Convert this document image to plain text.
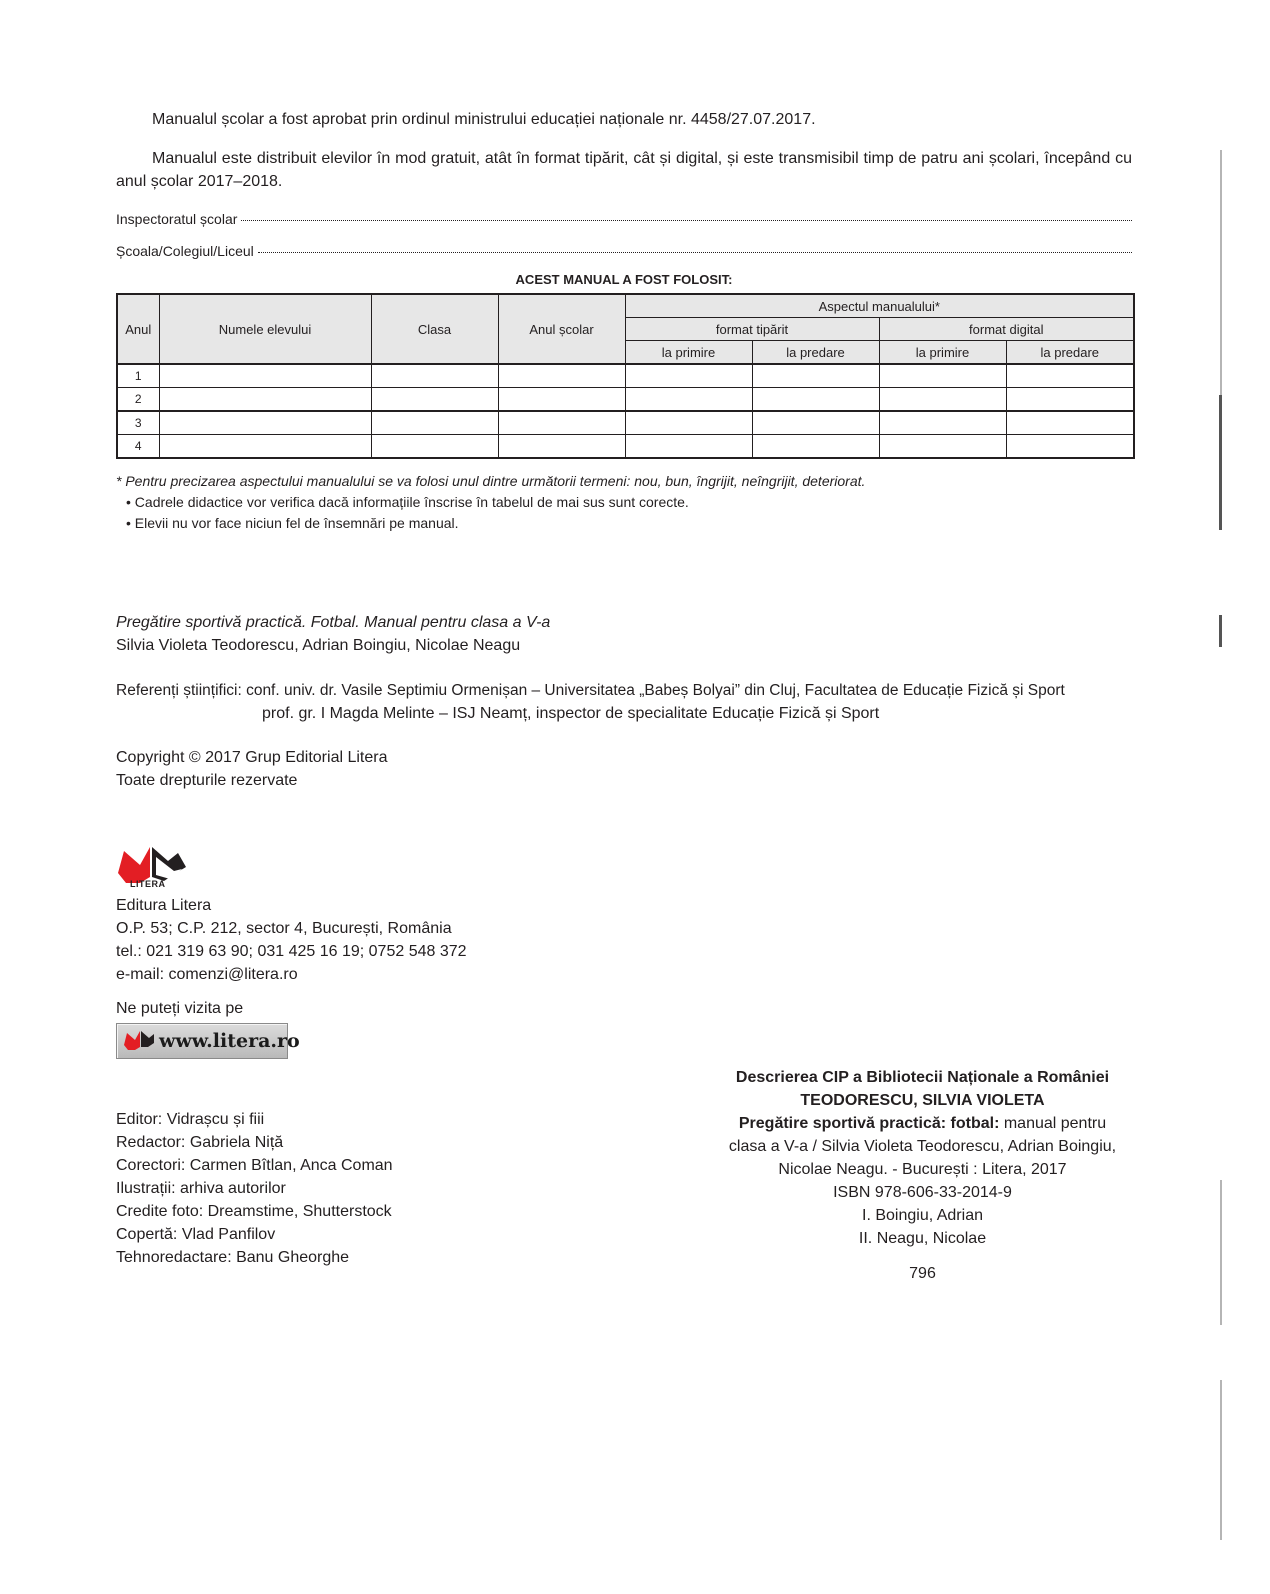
Manualul școlar a fost aprobat prin ordinul ministrului educației naționale nr. 4458/27.07.2017.

Manualul este distribuit elevilor în mod gratuit, atât în format tipărit, cât și digital, și este transmisibil timp de patru ani școlari, începând cu anul școlar 2017–2018.

Inspectoratul școlar
Școala/Colegiul/Liceul
ACEST MANUAL A FOST FOLOSIT:
Anul	Numele elevului	Clasa	Anul școlar	Aspectul manualului*			
				format tipărit		format digital	
				la primire	la predare	la primire	la predare
1							
2							
3							
4							
* Pentru precizarea aspectului manualului se va folosi unul dintre următorii termeni: nou, bun, îngrijit, neîngrijit, deteriorat.
• Cadrele didactice vor verifica dacă informațiile înscrise în tabelul de mai sus sunt corecte.
• Elevii nu vor face niciun fel de însemnări pe manual.
Pregătire sportivă practică. Fotbal. Manual pentru clasa a V-a
Silvia Violeta Teodorescu, Adrian Boingiu, Nicolae Neagu
Referenți științifici: conf. univ. dr. Vasile Septimiu Ormenișan – Universitatea „Babeș Bolyai” din Cluj, Facultatea de Educație Fizică și Sport
prof. gr. I Magda Melinte – ISJ Neamț, inspector de specialitate Educație Fizică și Sport
Copyright © 2017 Grup Editorial Litera
Toate drepturile rezervate
LITERA
Editura Litera
O.P. 53; C.P. 212, sector 4, București, România
tel.: 021 319 63 90; 031 425 16 19; 0752 548 372
e-mail: comenzi@litera.ro
Ne puteți vizita pe
www.litera.ro
Editor: Vidrașcu și fiii
Redactor: Gabriela Niță
Corectori: Carmen Bîtlan, Anca Coman
Ilustrații: arhiva autorilor
Credite foto: Dreamstime, Shutterstock
Copertă: Vlad Panfilov
Tehnoredactare: Banu Gheorghe
Descrierea CIP a Bibliotecii Naționale a României
TEODORESCU, SILVIA VIOLETA
Pregătire sportivă practică: fotbal: manual pentru
clasa a V-a / Silvia Violeta Teodorescu, Adrian Boingiu,
Nicolae Neagu. - București : Litera, 2017
ISBN 978-606-33-2014-9
I. Boingiu, Adrian
II. Neagu, Nicolae
796
